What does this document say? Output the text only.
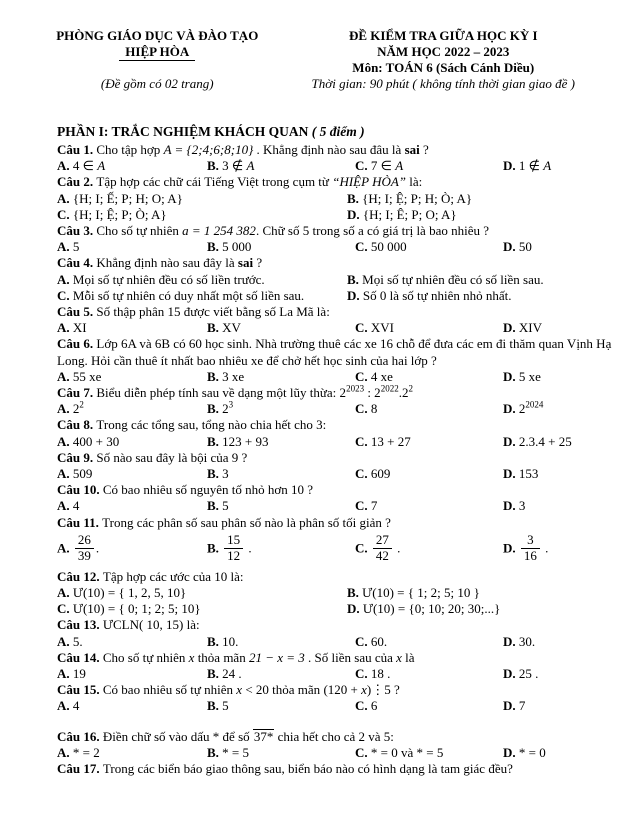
PHÒNG GIÁO DỤC VÀ ĐÀO TẠO
HIỆP HÒA
(Đề gồm có 02 trang)
ĐỀ KIỂM TRA GIỮA HỌC KỲ I
NĂM HỌC 2022 – 2023
Môn: TOÁN 6 (Sách Cánh Diều)
Thời gian: 90 phút ( không tính thời gian giao đề )
PHẦN I: TRẮC NGHIỆM KHÁCH QUAN ( 5 điểm )
Câu 1. Cho tập hợp A = {2;4;6;8;10} . Khẳng định nào sau đâu là sai ?
A. 4 ∈ A	B. 3 ∉ A	C. 7 ∈ A	D. 1 ∉ A
Câu 2. Tập hợp các chữ cái Tiếng Việt trong cụm từ “HIỆP HÒA” là:
A. {H; I; Ế; P; H; O; A}	B. {H; I; Ệ; P; H; Ò; A}
C. {H; I; Ệ; P; Ò; A}	D. {H; I; Ê; P; O; A}
Câu 3. Cho số tự nhiên a = 1 254 382. Chữ số 5 trong số a có giá trị là bao nhiêu ?
A. 5	B. 5 000	C. 50 000	D. 50
Câu 4. Khẳng định nào sau đây là sai ?
A. Mọi số tự nhiên đều có số liền trước.	B. Mọi số tự nhiên đều có số liền sau.
C. Mỗi số tự nhiên có duy nhất một số liền sau.	D. Số 0 là số tự nhiên nhỏ nhất.
Câu 5. Số thập phân 15 được viết bằng số La Mã là:
A. XI	B. XV	C. XVI	D. XIV
Câu 6. Lớp 6A và 6B có 60 học sinh. Nhà trường thuê các xe 16 chỗ để đưa các em đi thăm quan Vịnh Hạ Long. Hỏi cần thuê ít nhất bao nhiêu xe để chở hết học sinh của hai lớp ?
A. 55 xe	B. 3 xe	C. 4 xe	D. 5 xe
Câu 7. Biểu diễn phép tính sau về dạng một lũy thừa: $2^{2023}$ : $2^{2022}.2^2$
A. $2^2$	B. $2^3$	C. 8	D. $2^{2024}$
Câu 8. Trong các tổng sau, tổng nào chia hết cho 3:
A. 400 + 30	B. 123 + 93	C. 13 + 27	D. 2.3.4 + 25
Câu 9. Số nào sau đây là bội của 9 ?
A. 509	B. 3	C. 609	D. 153
Câu 10. Có bao nhiêu số nguyên tố nhỏ hơn 10 ?
A. 4	B. 5	C. 7	D. 3
Câu 11. Trong các phân số sau phân số nào là phân số tối giản ?
A. $\frac{26}{39}$ .	B. $\frac{15}{12}$ .	C. $\frac{27}{42}$ .	D. $\frac{3}{16}$ .
Câu 12. Tập hợp các ước của 10 là:
A. Ư(10) = { 1, 2, 5, 10}	B. Ư(10) = { 1; 2; 5; 10 }
C. Ư(10) = { 0; 1; 2; 5; 10}	D. Ư(10) = {0; 10; 20; 30;...}
Câu 13. ƯCLN( 10, 15) là:
A. 5.	B. 10.	C. 60.	D. 30.
Câu 14. Cho số tự nhiên x thỏa mãn 21 − x = 3 . Số liền sau của x là
A. 19	B. 24 .	C. 18 .	D. 25 .
Câu 15. Có bao nhiêu số tự nhiên x < 20 thỏa mãn (120 + x)⋮5 ?
A. 4	B. 5	C. 6	D. 7
Câu 16. Điền chữ số vào dấu * để số 37* chia hết cho cả 2 và 5:
A. * = 2	B. * = 5	C. * = 0 và * = 5	D. * = 0
Câu 17. Trong các biển báo giao thông sau, biển báo nào có hình dạng là tam giác đều?
